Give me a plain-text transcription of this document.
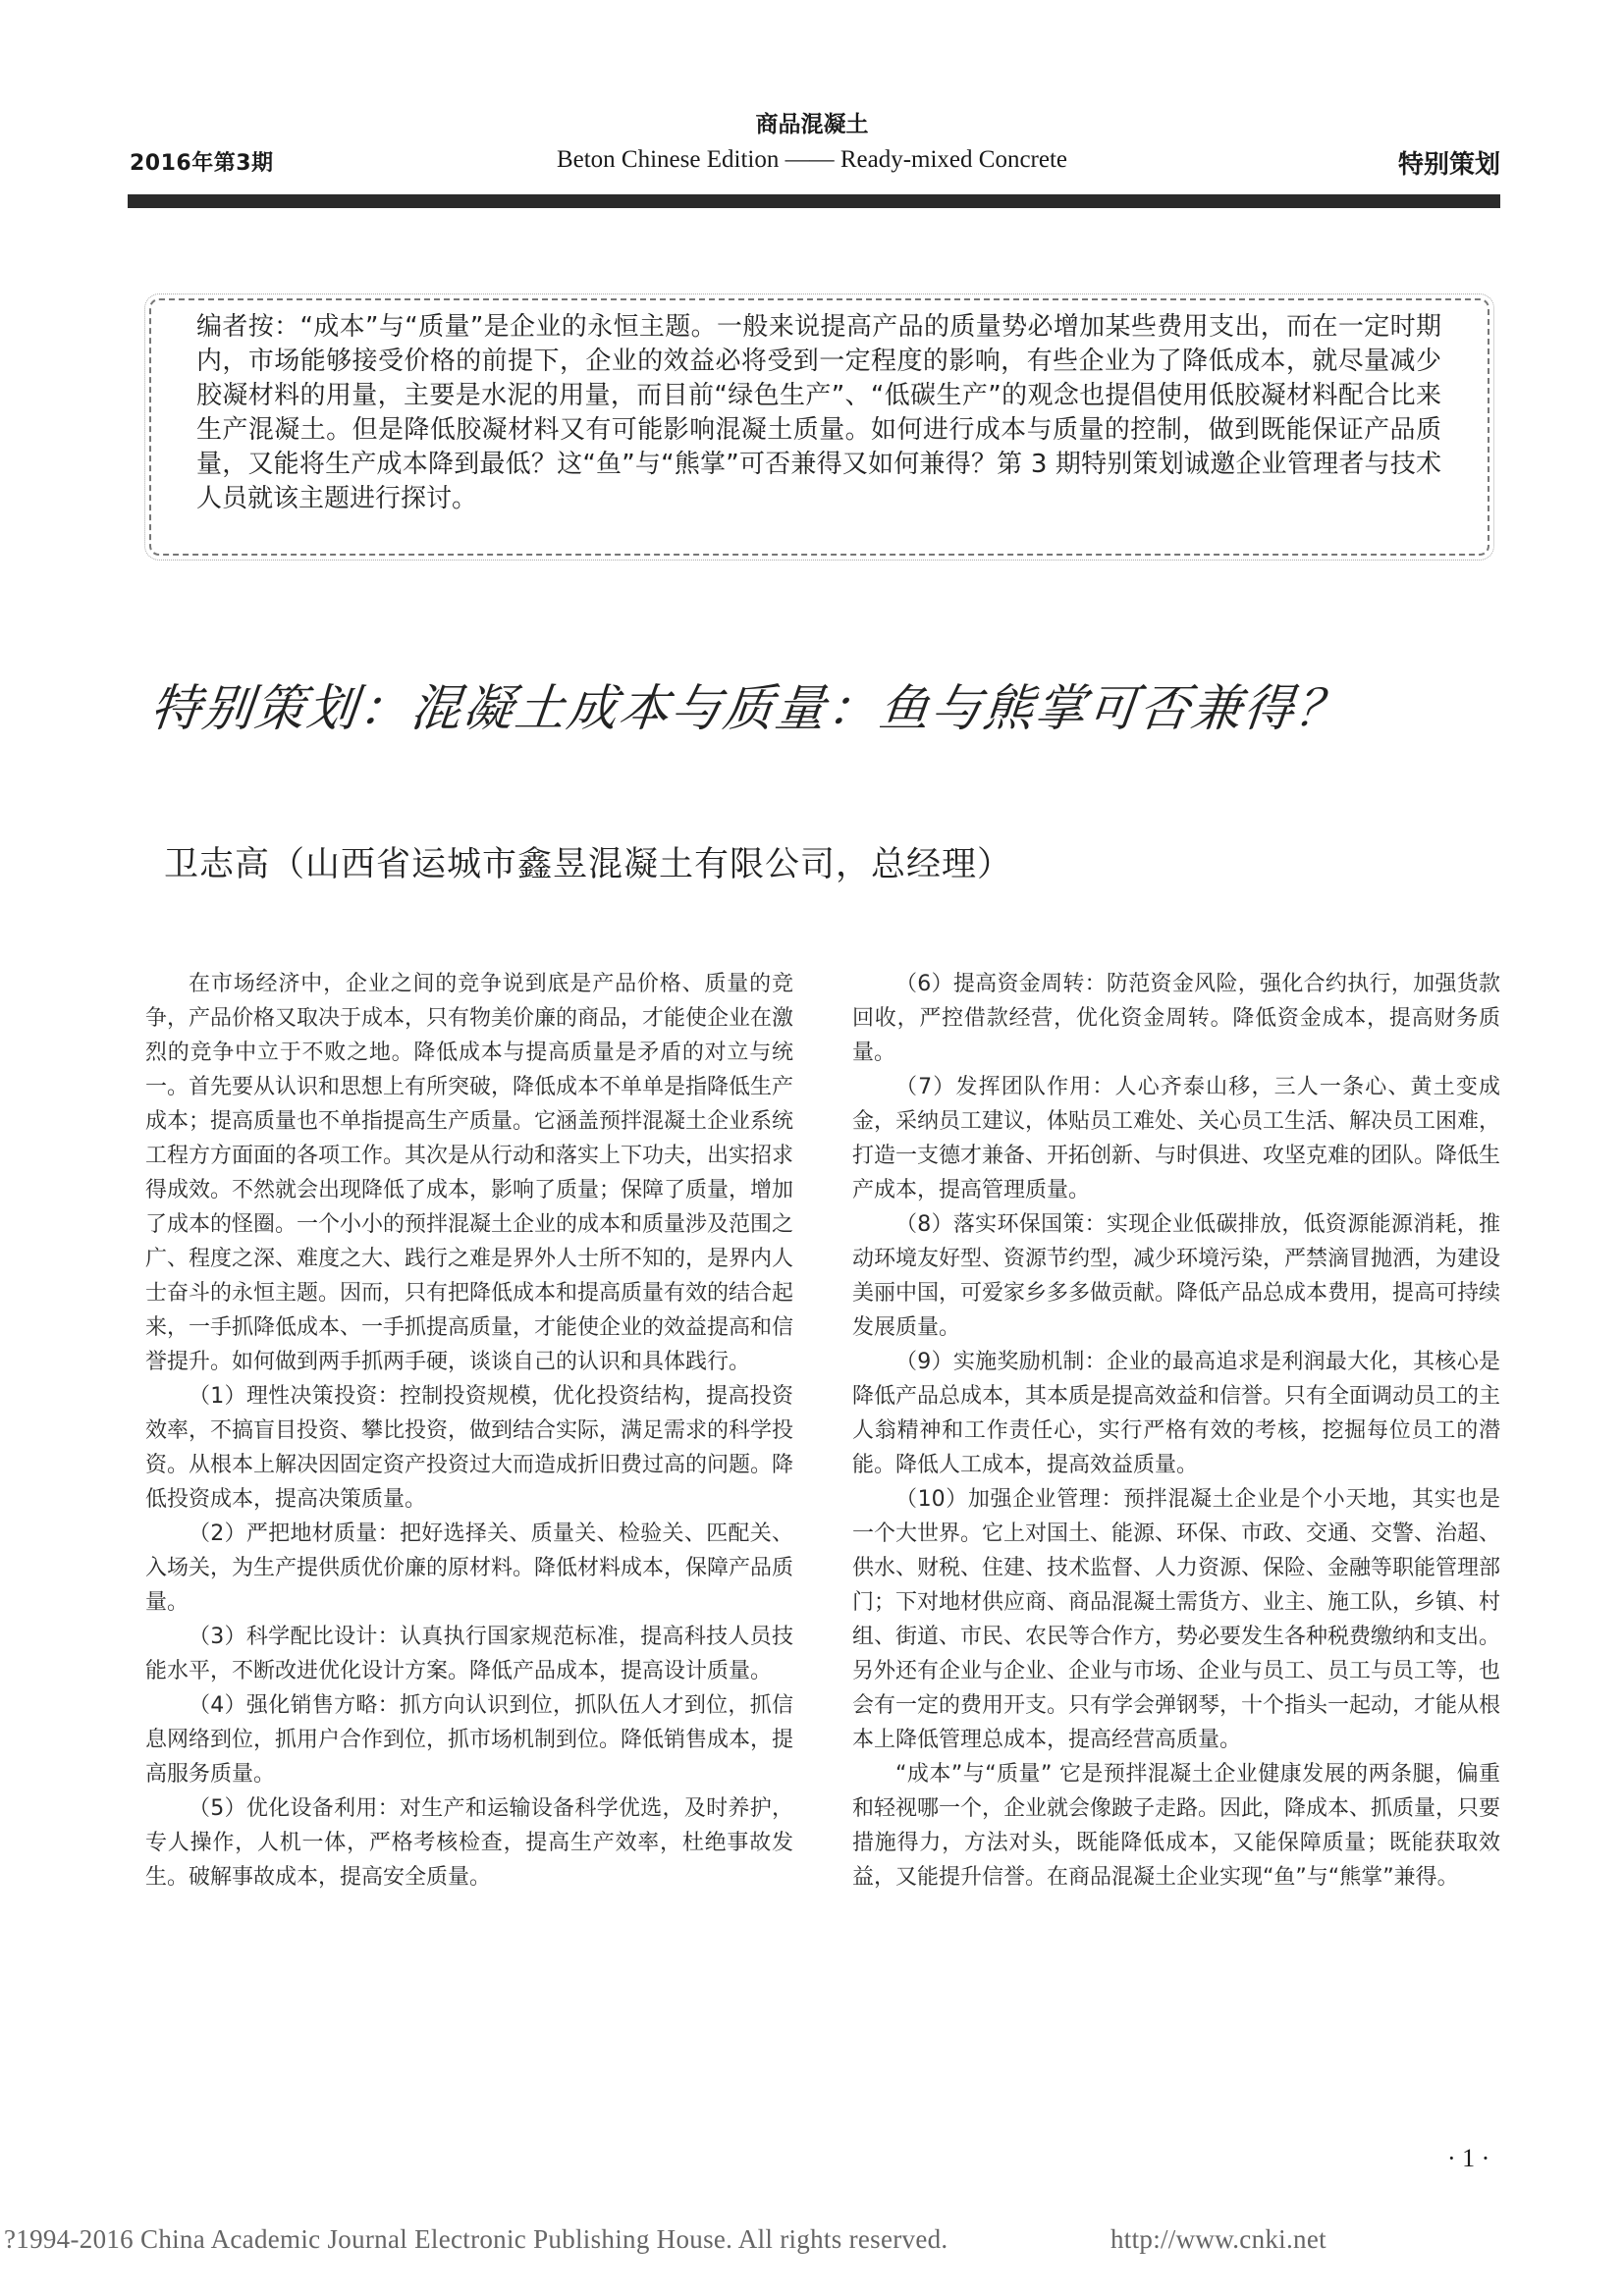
2016年第3期
商品混凝土
Beton Chinese Edition —— Ready-mixed Concrete	特别策划
编者按：“成本”与“质量”是企业的永恒主题。一般来说提高产品的质量势必增加某些费用支出，而在一定时期内，市场能够接受价格的前提下，企业的效益必将受到一定程度的影响，有些企业为了降低成本，就尽量减少胶凝材料的用量，主要是水泥的用量，而目前“绿色生产”、“低碳生产”的观念也提倡使用低胶凝材料配合比来生产混凝土。但是降低胶凝材料又有可能影响混凝土质量。如何进行成本与质量的控制，做到既能保证产品质量，又能将生产成本降到最低？这“鱼”与“熊掌”可否兼得又如何兼得？第 3 期特别策划诚邀企业管理者与技术人员就该主题进行探讨。
特别策划：混凝土成本与质量：鱼与熊掌可否兼得？
卫志高（山西省运城市鑫昱混凝土有限公司，总经理）

在市场经济中，企业之间的竞争说到底是产品价格、质量的竞争，产品价格又取决于成本，只有物美价廉的商品，才能使企业在激烈的竞争中立于不败之地。降低成本与提高质量是矛盾的对立与统一。首先要从认识和思想上有所突破，降低成本不单单是指降低生产成本；提高质量也不单指提高生产质量。它涵盖预拌混凝土企业系统工程方方面面的各项工作。其次是从行动和落实上下功夫，出实招求得成效。不然就会出现降低了成本，影响了质量；保障了质量，增加了成本的怪圈。一个小小的预拌混凝土企业的成本和质量涉及范围之广、程度之深、难度之大、践行之难是界外人士所不知的，是界内人士奋斗的永恒主题。因而，只有把降低成本和提高质量有效的结合起来，一手抓降低成本、一手抓提高质量，才能使企业的效益提高和信誉提升。如何做到两手抓两手硬，谈谈自己的认识和具体践行。

（1）理性决策投资：控制投资规模，优化投资结构，提高投资效率，不搞盲目投资、攀比投资，做到结合实际，满足需求的科学投资。从根本上解决因固定资产投资过大而造成折旧费过高的问题。降低投资成本，提高决策质量。

（2）严把地材质量：把好选择关、质量关、检验关、匹配关、入场关，为生产提供质优价廉的原材料。降低材料成本，保障产品质量。

（3）科学配比设计：认真执行国家规范标准，提高科技人员技能水平，不断改进优化设计方案。降低产品成本，提高设计质量。

（4）强化销售方略：抓方向认识到位，抓队伍人才到位，抓信息网络到位，抓用户合作到位，抓市场机制到位。降低销售成本，提高服务质量。

（5）优化设备利用：对生产和运输设备科学优选，及时养护，专人操作，人机一体，严格考核检查，提高生产效率，杜绝事故发生。破解事故成本，提高安全质量。

（6）提高资金周转：防范资金风险，强化合约执行，加强货款回收，严控借款经营，优化资金周转。降低资金成本，提高财务质量。

（7）发挥团队作用：人心齐泰山移，三人一条心、黄土变成金，采纳员工建议，体贴员工难处、关心员工生活、解决员工困难，打造一支德才兼备、开拓创新、与时俱进、攻坚克难的团队。降低生产成本，提高管理质量。

（8）落实环保国策：实现企业低碳排放，低资源能源消耗，推动环境友好型、资源节约型，减少环境污染，严禁滴冒抛洒，为建设美丽中国，可爱家乡多多做贡献。降低产品总成本费用，提高可持续发展质量。

（9）实施奖励机制：企业的最高追求是利润最大化，其核心是降低产品总成本，其本质是提高效益和信誉。只有全面调动员工的主人翁精神和工作责任心，实行严格有效的考核，挖掘每位员工的潜能。降低人工成本，提高效益质量。

（10）加强企业管理：预拌混凝土企业是个小天地，其实也是一个大世界。它上对国土、能源、环保、市政、交通、交警、治超、供水、财税、住建、技术监督、人力资源、保险、金融等职能管理部门；下对地材供应商、商品混凝土需货方、业主、施工队，乡镇、村组、街道、市民、农民等合作方，势必要发生各种税费缴纳和支出。另外还有企业与企业、企业与市场、企业与员工、员工与员工等，也会有一定的费用开支。只有学会弹钢琴，十个指头一起动，才能从根本上降低管理总成本，提高经营高质量。

“成本”与“质量” 它是预拌混凝土企业健康发展的两条腿，偏重和轻视哪一个，企业就会像跛子走路。因此，降成本、抓质量，只要措施得力，方法对头，既能降低成本，又能保障质量；既能获取效益，又能提升信誉。在商品混凝土企业实现“鱼”与“熊掌”兼得。

· 1 ·
?1994-2016 China Academic Journal Electronic Publishing House. All rights reserved.	http://www.cnki.net
